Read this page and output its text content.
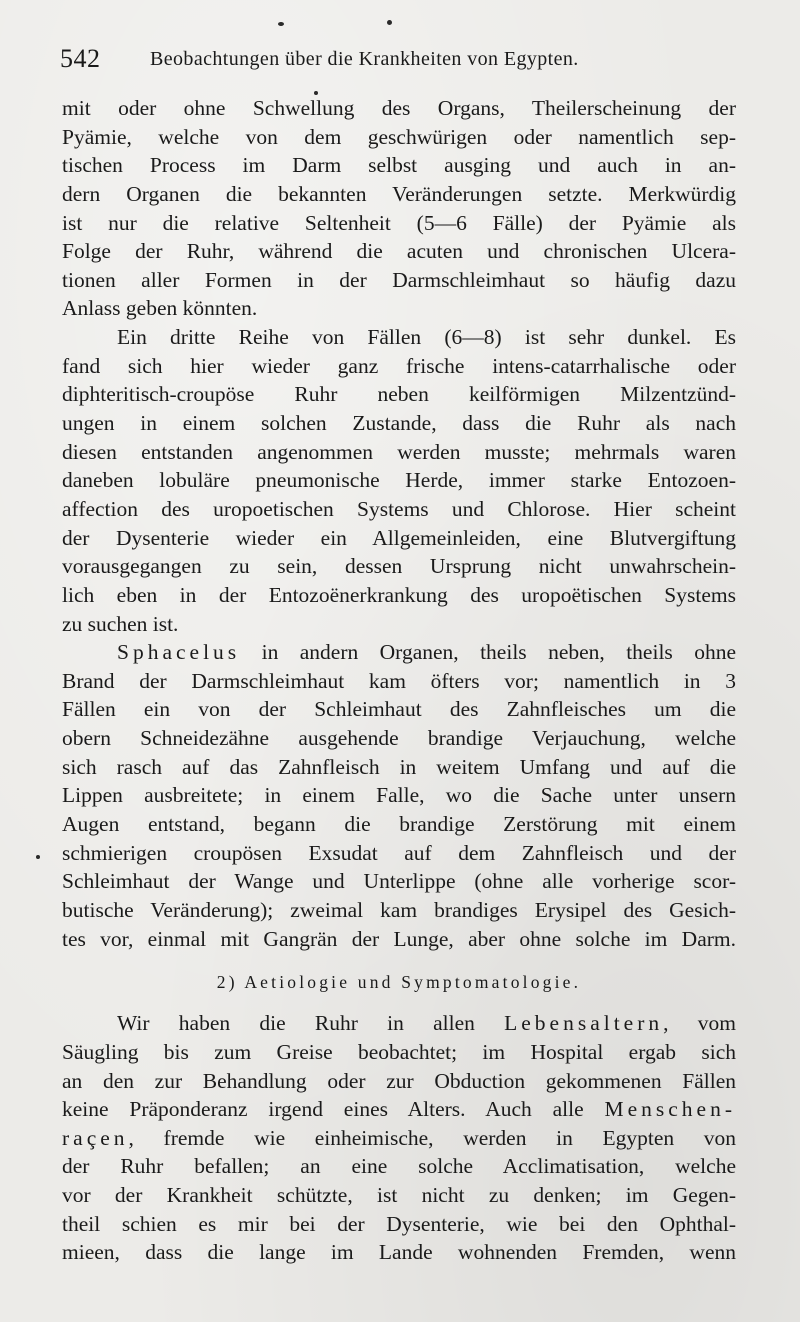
542 Beobachtungen über die Krankheiten von Egypten.
mit oder ohne Schwellung des Organs, Theilerscheinung der
Pyämie, welche von dem geschwürigen oder namentlich sep-
tischen Process im Darm selbst ausging und auch in an-
dern Organen die bekannten Veränderungen setzte. Merkwürdig
ist nur die relative Seltenheit (5—6 Fälle) der Pyämie als
Folge der Ruhr, während die acuten und chronischen Ulcera-
tionen aller Formen in der Darmschleimhaut so häufig dazu
Anlass geben könnten.
Ein dritte Reihe von Fällen (6—8) ist sehr dunkel. Es
fand sich hier wieder ganz frische intens-catarrhalische oder
diphteritisch-croupöse Ruhr neben keilförmigen Milzentzünd-
ungen in einem solchen Zustande, dass die Ruhr als nach
diesen entstanden angenommen werden musste; mehrmals waren
daneben lobuläre pneumonische Herde, immer starke Entozoen-
affection des uropoetischen Systems und Chlorose. Hier scheint
der Dysenterie wieder ein Allgemeinleiden, eine Blutvergiftung
vorausgegangen zu sein, dessen Ursprung nicht unwahrschein-
lich eben in der Entozoënerkrankung des uropoëtischen Systems
zu suchen ist.
Sphacelus in andern Organen, theils neben, theils ohne
Brand der Darmschleimhaut kam öfters vor; namentlich in 3
Fällen ein von der Schleimhaut des Zahnfleisches um die
obern Schneidezähne ausgehende brandige Verjauchung, welche
sich rasch auf das Zahnfleisch in weitem Umfang und auf die
Lippen ausbreitete; in einem Falle, wo die Sache unter unsern
Augen entstand, begann die brandige Zerstörung mit einem
schmierigen croupösen Exsudat auf dem Zahnfleisch und der
Schleimhaut der Wange und Unterlippe (ohne alle vorherige scor-
butische Veränderung); zweimal kam brandiges Erysipel des Gesich-
tes vor, einmal mit Gangrän der Lunge, aber ohne solche im Darm.
2) Aetiologie und Symptomatologie.
Wir haben die Ruhr in allen Lebensaltern, vom
Säugling bis zum Greise beobachtet; im Hospital ergab sich
an den zur Behandlung oder zur Obduction gekommenen Fällen
keine Präponderanz irgend eines Alters. Auch alle Menschen-
raçen, fremde wie einheimische, werden in Egypten von
der Ruhr befallen; an eine solche Acclimatisation, welche
vor der Krankheit schützte, ist nicht zu denken; im Gegen-
theil schien es mir bei der Dysenterie, wie bei den Ophthal-
mieen, dass die lange im Lande wohnenden Fremden, wenn
